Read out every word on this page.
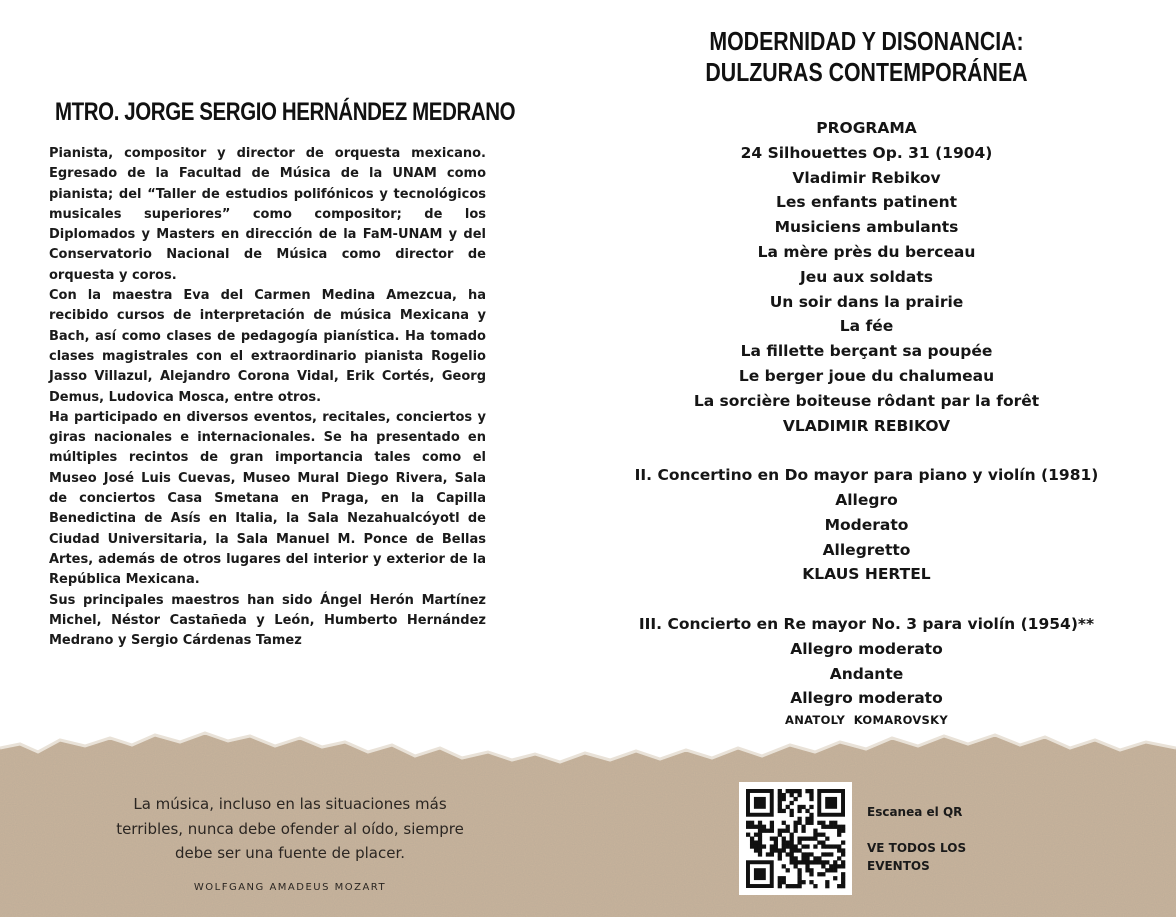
MTRO. JORGE SERGIO HERNÁNDEZ MEDRANO

Pianista, compositor y director de orquesta mexicano. Egresado de la Facultad de Música de la UNAM como pianista; del “Taller de estudios polifónicos y tecnológicos musicales superiores” como compositor; de los Diplomados y Masters en dirección de la FaM-UNAM y del Conservatorio Nacional de Música como director de orquesta y coros.

Con la maestra Eva del Carmen Medina Amezcua, ha recibido cursos de interpretación de música Mexicana y Bach, así como clases de pedagogía pianística. Ha tomado clases magistrales con el extraordinario pianista Rogelio Jasso Villazul, Alejandro Corona Vidal, Erik Cortés, Georg Demus, Ludovica Mosca, entre otros.

Ha participado en diversos eventos, recitales, conciertos y giras nacionales e internacionales. Se ha presentado en múltiples recintos de gran importancia tales como el Museo José Luis Cuevas, Museo Mural Diego Rivera, Sala de conciertos Casa Smetana en Praga, en la Capilla Benedictina de Asís en Italia, la Sala Nezahualcóyotl de Ciudad Universitaria, la Sala Manuel M. Ponce de Bellas Artes, además de otros lugares del interior y exterior de la República Mexicana.

Sus principales maestros han sido Ángel Herón Martínez Michel, Néstor Castañeda y León, Humberto Hernández Medrano y Sergio Cárdenas Tamez

MODERNIDAD Y DISONANCIA:
DULZURAS CONTEMPORÁNEA
PROGRAMA
24 Silhouettes Op. 31 (1904)
Vladimir Rebikov
Les enfants patinent
Musiciens ambulants
La mère près du berceau
Jeu aux soldats
Un soir dans la prairie
La fée
La fillette berçant sa poupée
Le berger joue du chalumeau
La sorcière boiteuse rôdant par la forêt
VLADIMIR REBIKOV
II. Concertino en Do mayor para piano y violín (1981)
Allegro
Moderato
Allegretto
KLAUS HERTEL
III. Concierto en Re mayor No. 3 para violín (1954)**
Allegro moderato
Andante
Allegro moderato
ANATOLY  KOMAROVSKY
La música, incluso en las situaciones más
terribles, nunca debe ofender al oído, siempre
debe ser una fuente de placer.
WOLFGANG AMADEUS MOZART
Escanea el QR
VE TODOS LOS
EVENTOS
